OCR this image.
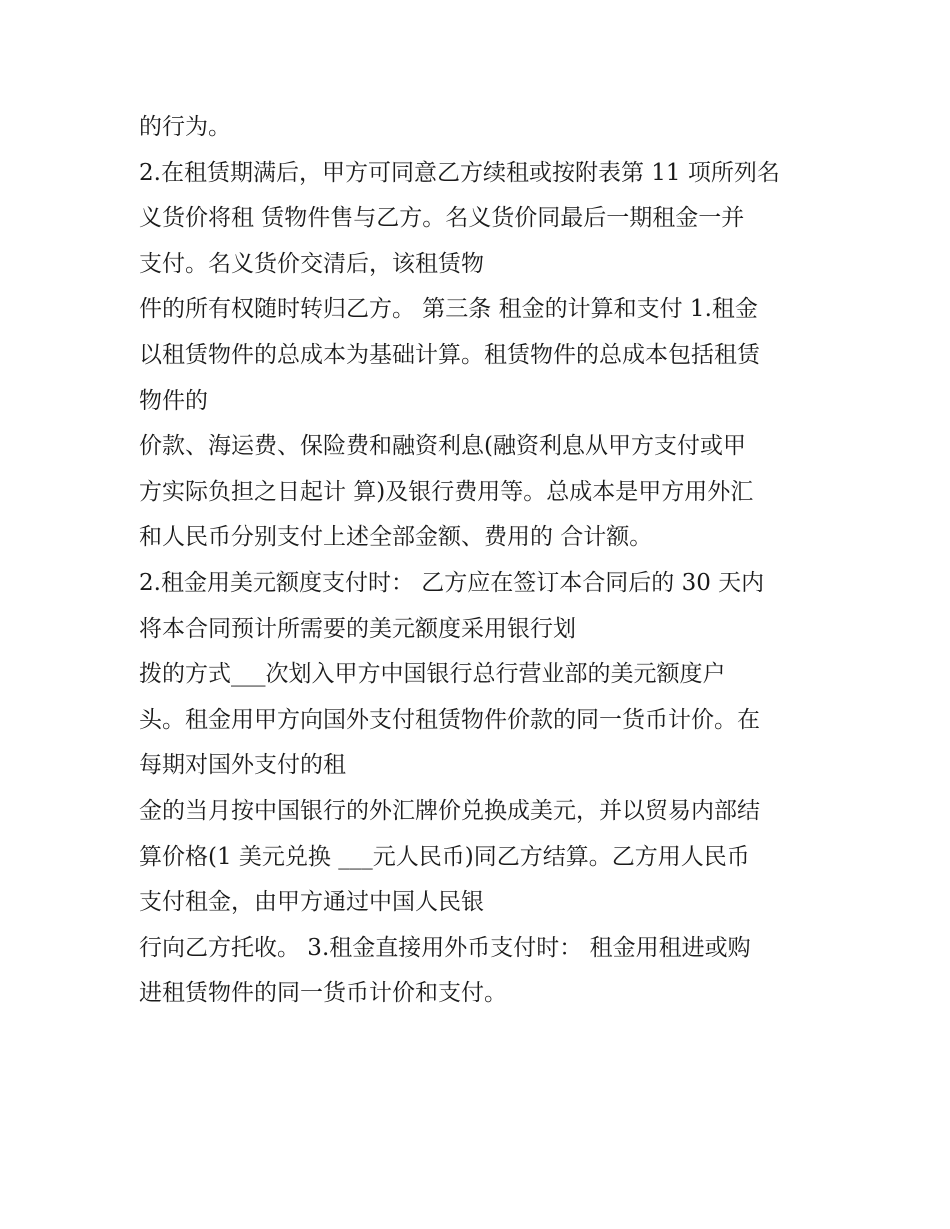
的行为。
2.在租赁期满后，甲方可同意乙方续租或按附表第 11 项所列名
义货价将租 赁物件售与乙方。名义货价同最后一期租金一并
支付。名义货价交清后，该租赁物
件的所有权随时转归乙方。 第三条 租金的计算和支付 1.租金
以租赁物件的总成本为基础计算。租赁物件的总成本包括租赁
物件的
价款、海运费、保险费和融资利息(融资利息从甲方支付或甲
方实际负担之日起计 算)及银行费用等。总成本是甲方用外汇
和人民币分别支付上述全部金额、费用的 合计额。
2.租金用美元额度支付时： 乙方应在签订本合同后的 30 天内
将本合同预计所需要的美元额度采用银行划
拨的方式___次划入甲方中国银行总行营业部的美元额度户
头。租金用甲方向国外支付租赁物件价款的同一货币计价。在
每期对国外支付的租
金的当月按中国银行的外汇牌价兑换成美元，并以贸易内部结
算价格(1 美元兑换 ___元人民币)同乙方结算。乙方用人民币
支付租金，由甲方通过中国人民银
行向乙方托收。 3.租金直接用外币支付时： 租金用租进或购
进租赁物件的同一货币计价和支付。
